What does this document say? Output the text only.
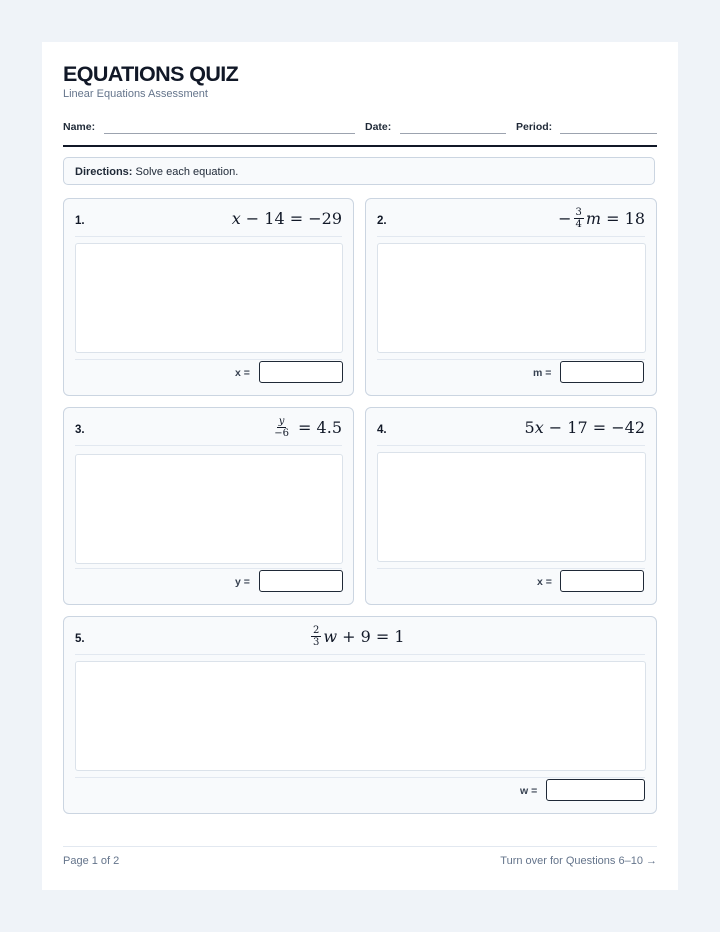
EQUATIONS QUIZ
Linear Equations Assessment
Name:	Date:	Period:
Directions: Solve each equation.
1.	x − 14 = −29
x =
2.	− $\frac{3}{4}$ m = 18
m =
3.	$\frac{y}{-6} = 4.5$
y =
4.	5 x − 17 = −42
x =
5.	$\frac{2}{3}$ w + 9 = 1
w =
Page 1 of 2	Turn over for Questions 6–10 →
